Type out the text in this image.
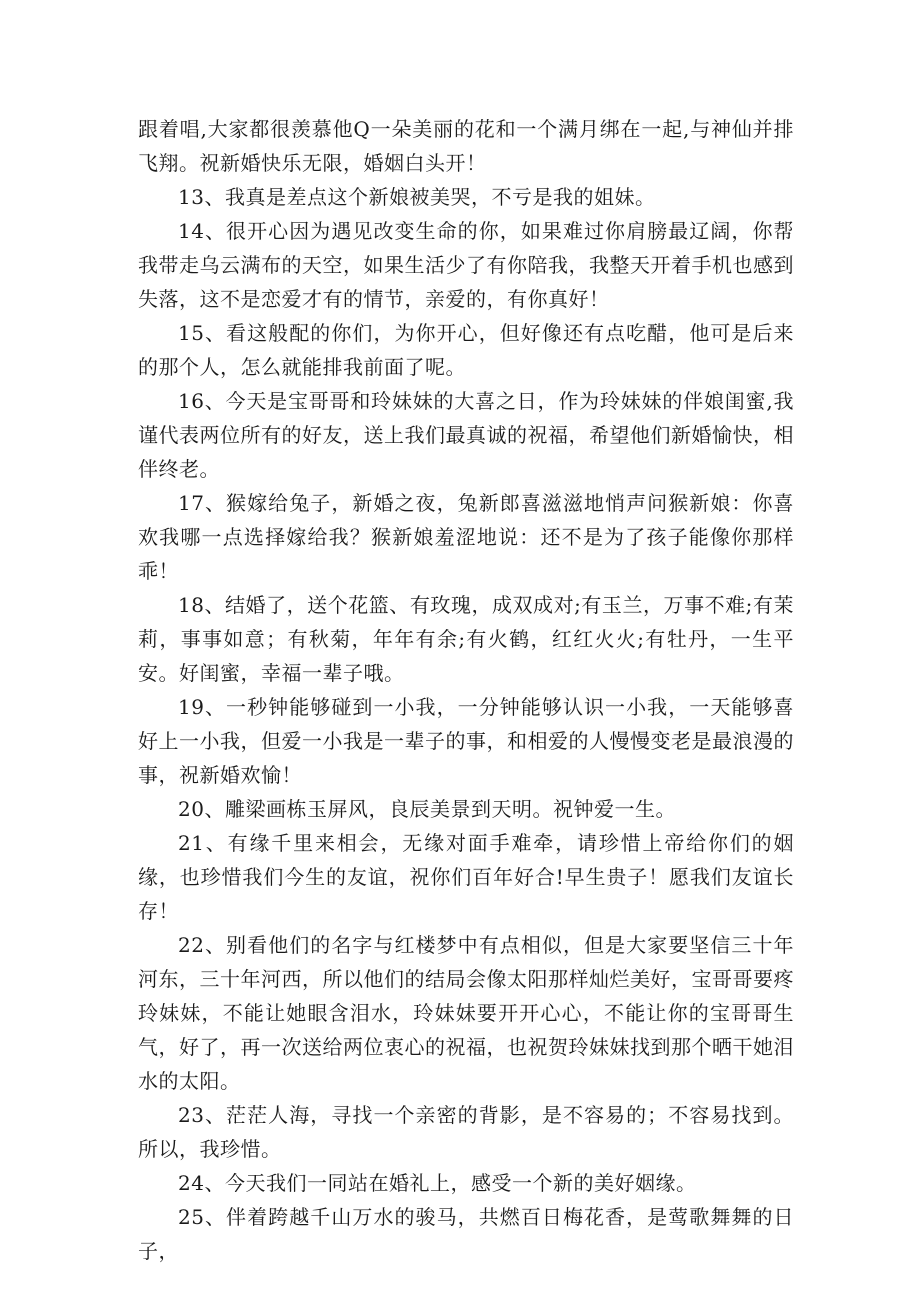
跟着唱,大家都很羡慕他Q一朵美丽的花和一个满月绑在一起,与神仙并排飞翔。祝新婚快乐无限，婚姻白头开！

13、我真是差点这个新娘被美哭，不亏是我的姐妹。

14、很开心因为遇见改变生命的你，如果难过你肩膀最辽阔，你帮我带走乌云满布的天空，如果生活少了有你陪我，我整天开着手机也感到失落，这不是恋爱才有的情节，亲爱的，有你真好！

15、看这般配的你们，为你开心，但好像还有点吃醋，他可是后来的那个人，怎么就能排我前面了呢。

16、今天是宝哥哥和玲妹妹的大喜之日，作为玲妹妹的伴娘闺蜜,我谨代表两位所有的好友，送上我们最真诚的祝福，希望他们新婚愉快，相伴终老。

17、猴嫁给兔子，新婚之夜，兔新郎喜滋滋地悄声问猴新娘：你喜欢我哪一点选择嫁给我？猴新娘羞涩地说：还不是为了孩子能像你那样乖！

18、结婚了，送个花篮、有玫瑰，成双成对;有玉兰，万事不难;有茉莉，事事如意；有秋菊，年年有余;有火鹤，红红火火;有牡丹，一生平安。好闺蜜，幸福一辈子哦。

19、一秒钟能够碰到一小我，一分钟能够认识一小我，一天能够喜好上一小我，但爱一小我是一辈子的事，和相爱的人慢慢变老是最浪漫的事，祝新婚欢愉！

20、雕梁画栋玉屏风，良辰美景到天明。祝钟爱一生。

21、有缘千里来相会，无缘对面手难牵，请珍惜上帝给你们的姻缘，也珍惜我们今生的友谊，祝你们百年好合!早生贵子！愿我们友谊长存！

22、别看他们的名字与红楼梦中有点相似，但是大家要坚信三十年河东，三十年河西，所以他们的结局会像太阳那样灿烂美好，宝哥哥要疼玲妹妹，不能让她眼含泪水，玲妹妹要开开心心，不能让你的宝哥哥生气，好了，再一次送给两位衷心的祝福，也祝贺玲妹妹找到那个晒干她泪水的太阳。

23、茫茫人海，寻找一个亲密的背影，是不容易的；不容易找到。所以，我珍惜。

24、今天我们一同站在婚礼上，感受一个新的美好姻缘。

25、伴着跨越千山万水的骏马，共燃百日梅花香，是莺歌舞舞的日子，
